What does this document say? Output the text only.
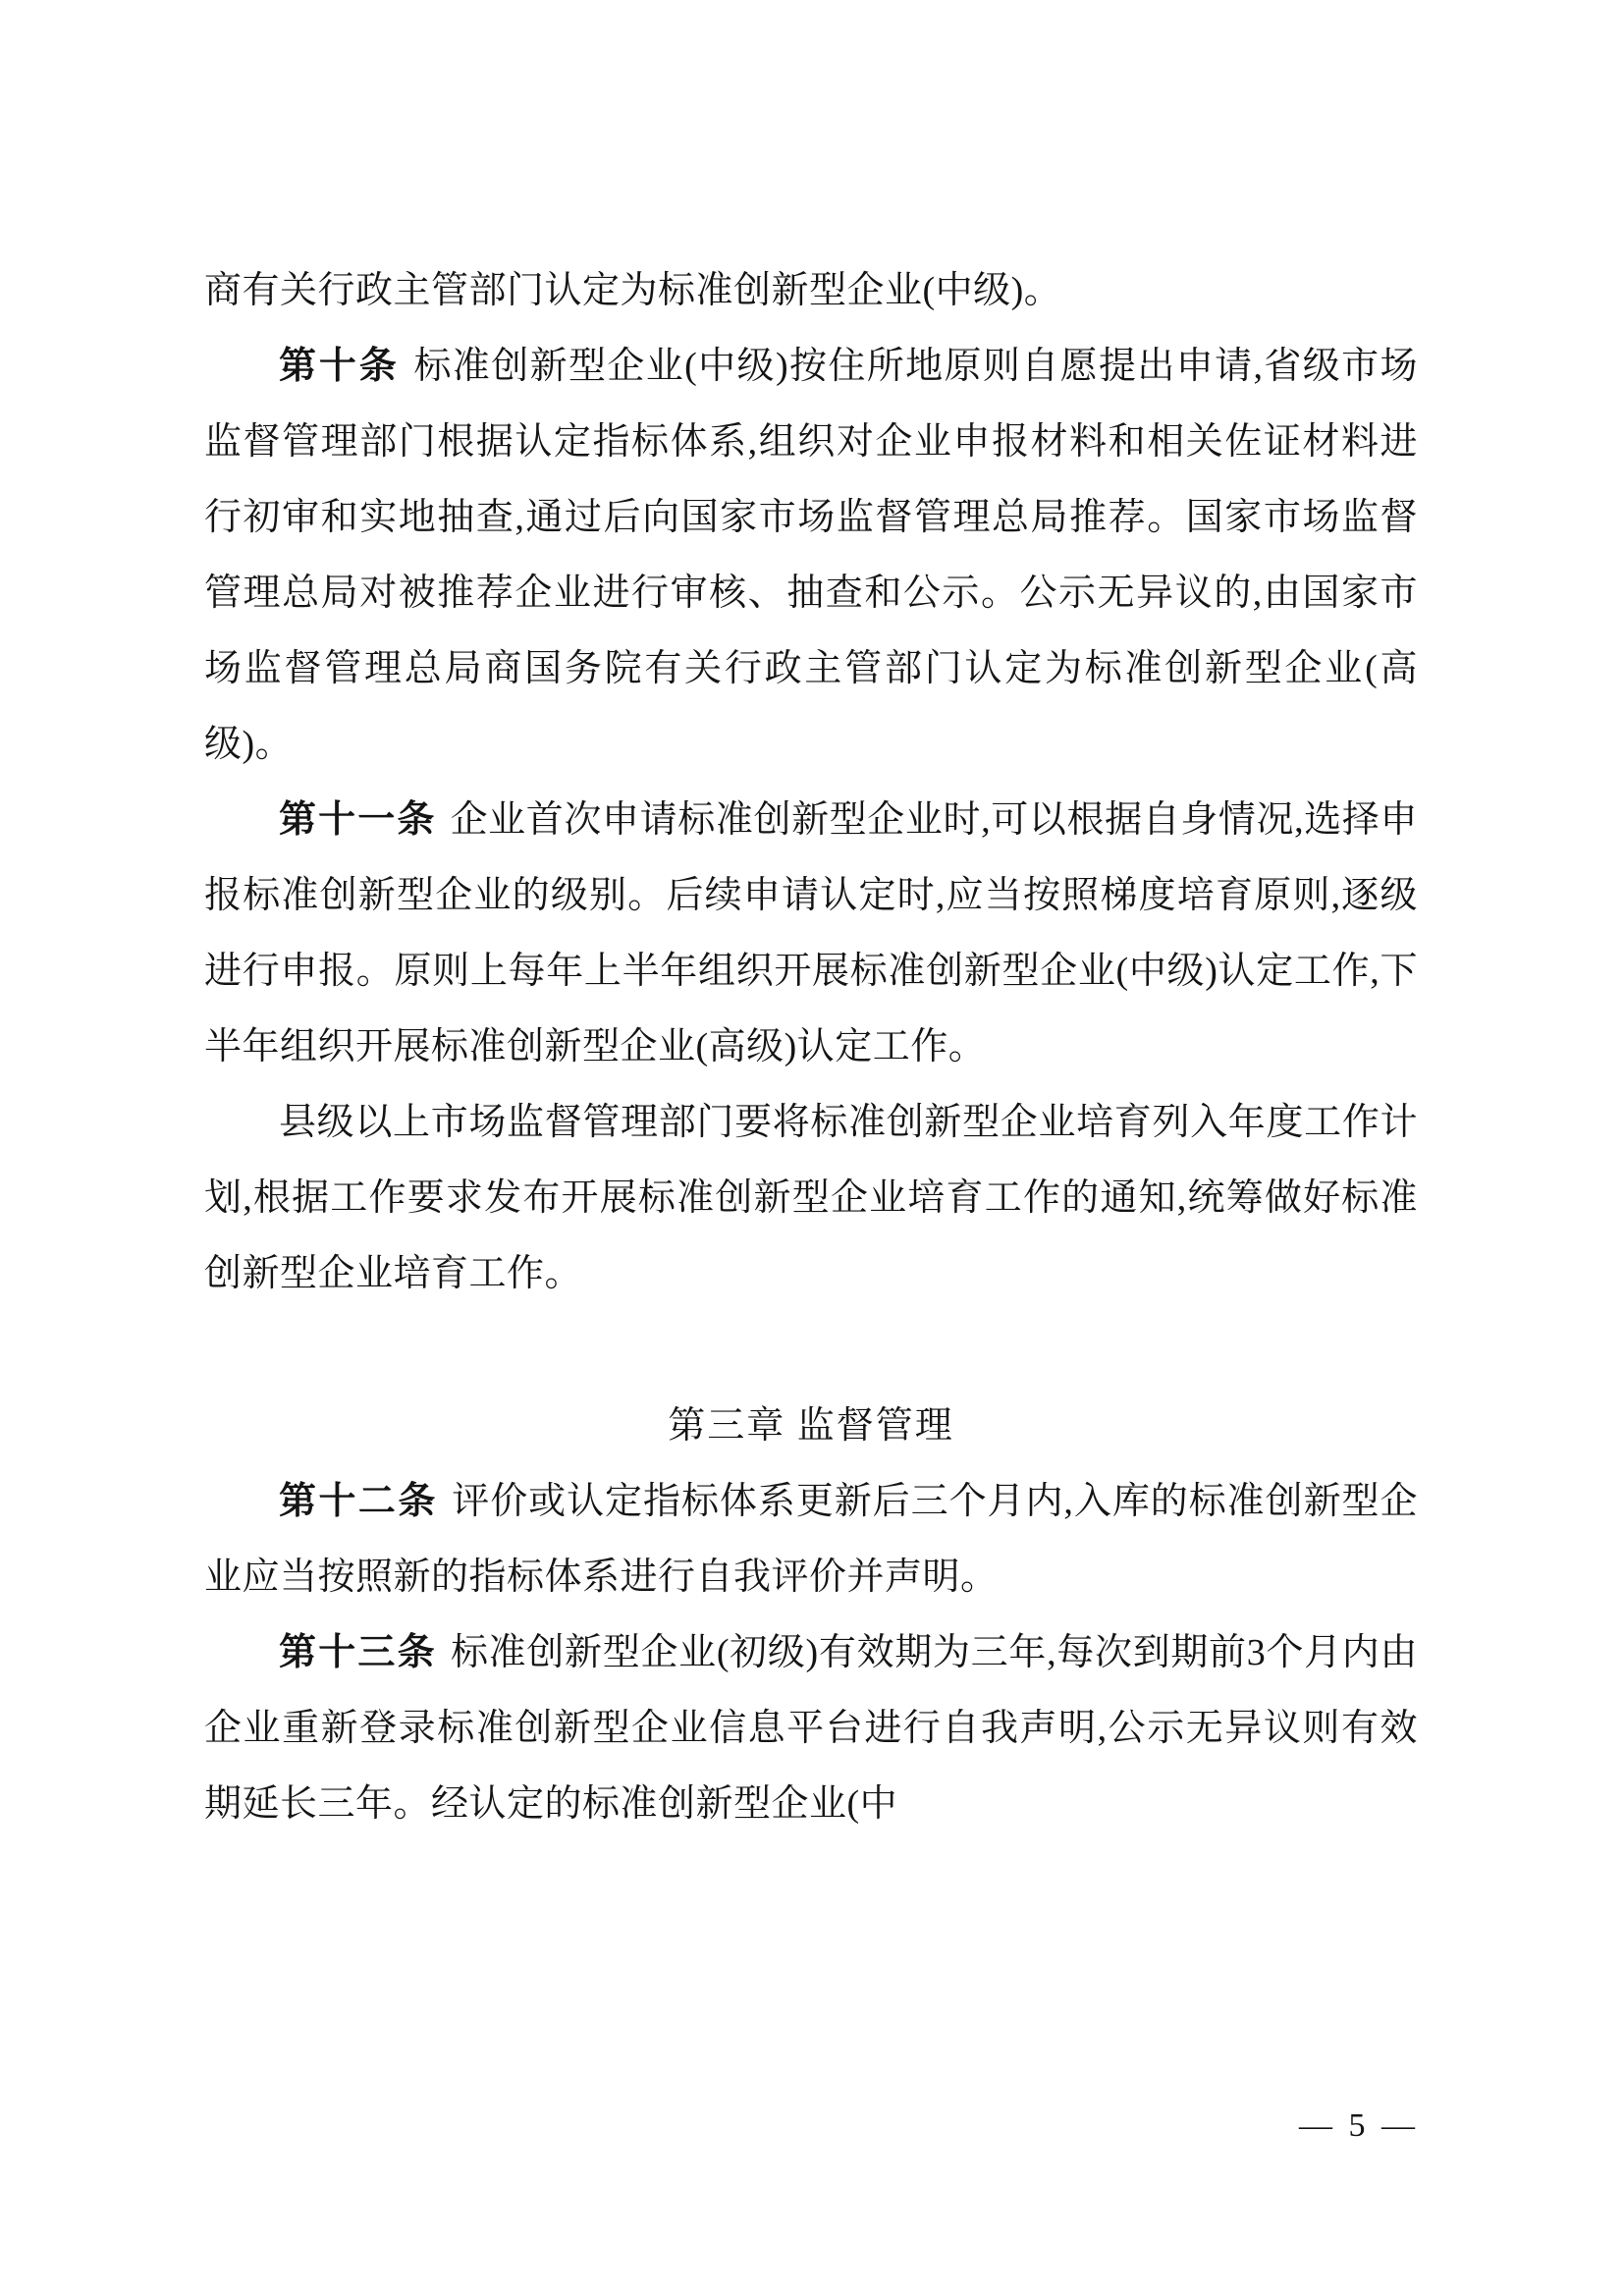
商有关行政主管部门认定为标准创新型企业(中级)。

第十条 标准创新型企业(中级)按住所地原则自愿提出申请,省级市场监督管理部门根据认定指标体系,组织对企业申报材料和相关佐证材料进行初审和实地抽查,通过后向国家市场监督管理总局推荐。国家市场监督管理总局对被推荐企业进行审核、抽查和公示。公示无异议的,由国家市场监督管理总局商国务院有关行政主管部门认定为标准创新型企业(高级)。

第十一条 企业首次申请标准创新型企业时,可以根据自身情况,选择申报标准创新型企业的级别。后续申请认定时,应当按照梯度培育原则,逐级进行申报。原则上每年上半年组织开展标准创新型企业(中级)认定工作,下半年组织开展标准创新型企业(高级)认定工作。

县级以上市场监督管理部门要将标准创新型企业培育列入年度工作计划,根据工作要求发布开展标准创新型企业培育工作的通知,统筹做好标准创新型企业培育工作。

第三章 监督管理

第十二条 评价或认定指标体系更新后三个月内,入库的标准创新型企业应当按照新的指标体系进行自我评价并声明。

第十三条 标准创新型企业(初级)有效期为三年,每次到期前3个月内由企业重新登录标准创新型企业信息平台进行自我声明,公示无异议则有效期延长三年。经认定的标准创新型企业(中

— 5 —
